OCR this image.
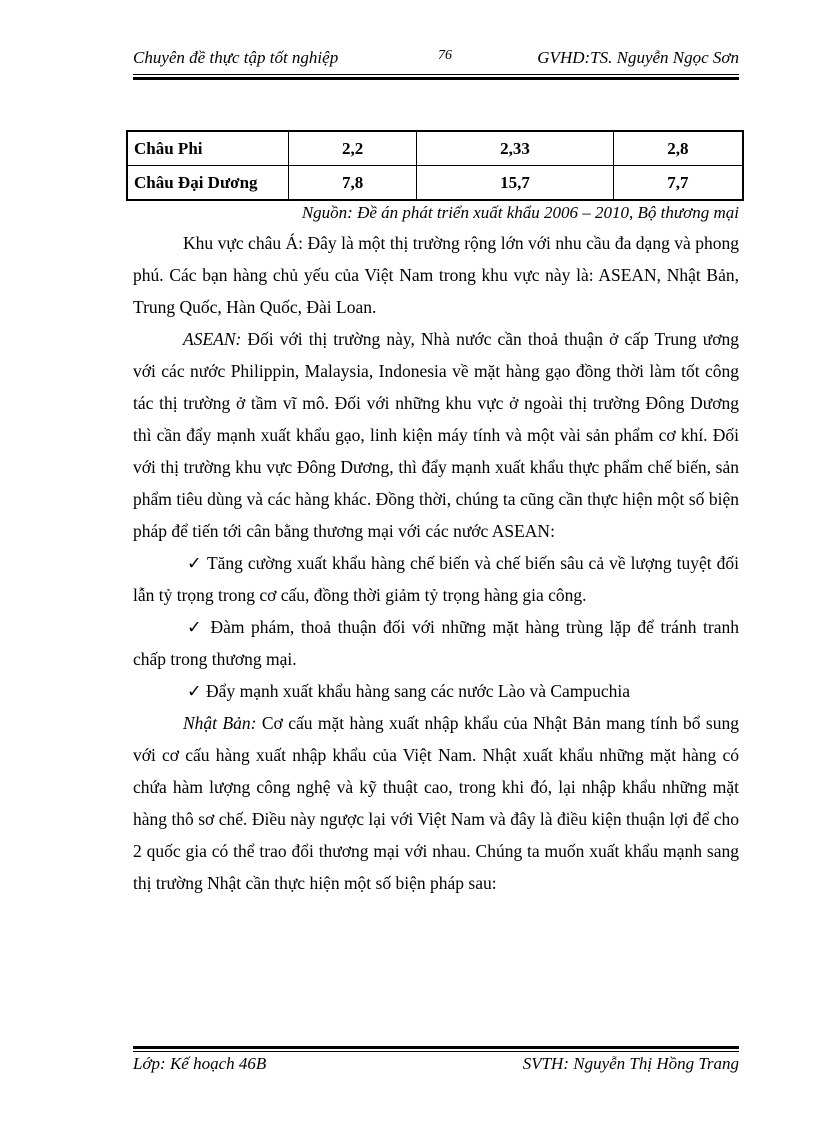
Chuyên đề thực tập tốt nghiệp	76	GVHD:TS. Nguyễn Ngọc Sơn
Châu Phi	2,2	2,33	2,8
Châu Đại Dương	7,8	15,7	7,7
Nguồn: Đề án phát triển xuất khẩu 2006 – 2010, Bộ thương mại

Khu vực châu Á: Đây là một thị trường rộng lớn với nhu cầu đa dạng và phong phú. Các bạn hàng chủ yếu của Việt Nam trong khu vực này là: ASEAN, Nhật Bản, Trung Quốc, Hàn Quốc, Đài Loan.

ASEAN: Đối với thị trường này, Nhà nước cần thoả thuận ở cấp Trung ương với các nước Philippin, Malaysia, Indonesia về mặt hàng gạo đồng thời làm tốt công tác thị trường ở tầm vĩ mô. Đối với những khu vực ở ngoài thị trường Đông Dương thì cần đẩy mạnh xuất khẩu gạo, linh kiện máy tính và một vài sản phẩm cơ khí. Đối với thị trường khu vực Đông Dương, thì đẩy mạnh xuất khẩu thực phẩm chế biến, sản phẩm tiêu dùng và các hàng khác. Đồng thời, chúng ta cũng cần thực hiện một số biện pháp để tiến tới cân bằng thương mại với các nước ASEAN:

✓ Tăng cường xuất khẩu hàng chế biến và chế biến sâu cả về lượng tuyệt đối lẫn tỷ trọng trong cơ cấu, đồng thời giảm tỷ trọng hàng gia công.

✓ Đàm phám, thoả thuận đối với những mặt hàng trùng lặp để tránh tranh chấp trong thương mại.

✓ Đẩy mạnh xuất khẩu hàng sang các nước Lào và Campuchia

Nhật Bản: Cơ cấu mặt hàng xuất nhập khẩu của Nhật Bản mang tính bổ sung với cơ cấu hàng xuất nhập khẩu của Việt Nam. Nhật xuất khẩu những mặt hàng có chứa hàm lượng công nghệ và kỹ thuật cao, trong khi đó, lại nhập khẩu những mặt hàng thô sơ chế. Điều này ngược lại với Việt Nam và đây là điều kiện thuận lợi để cho 2 quốc gia có thể trao đổi thương mại với nhau. Chúng ta muốn xuất khẩu mạnh sang thị trường Nhật cần thực hiện một số biện pháp sau:

Lớp: Kế hoạch 46B	SVTH: Nguyễn Thị Hồng Trang
